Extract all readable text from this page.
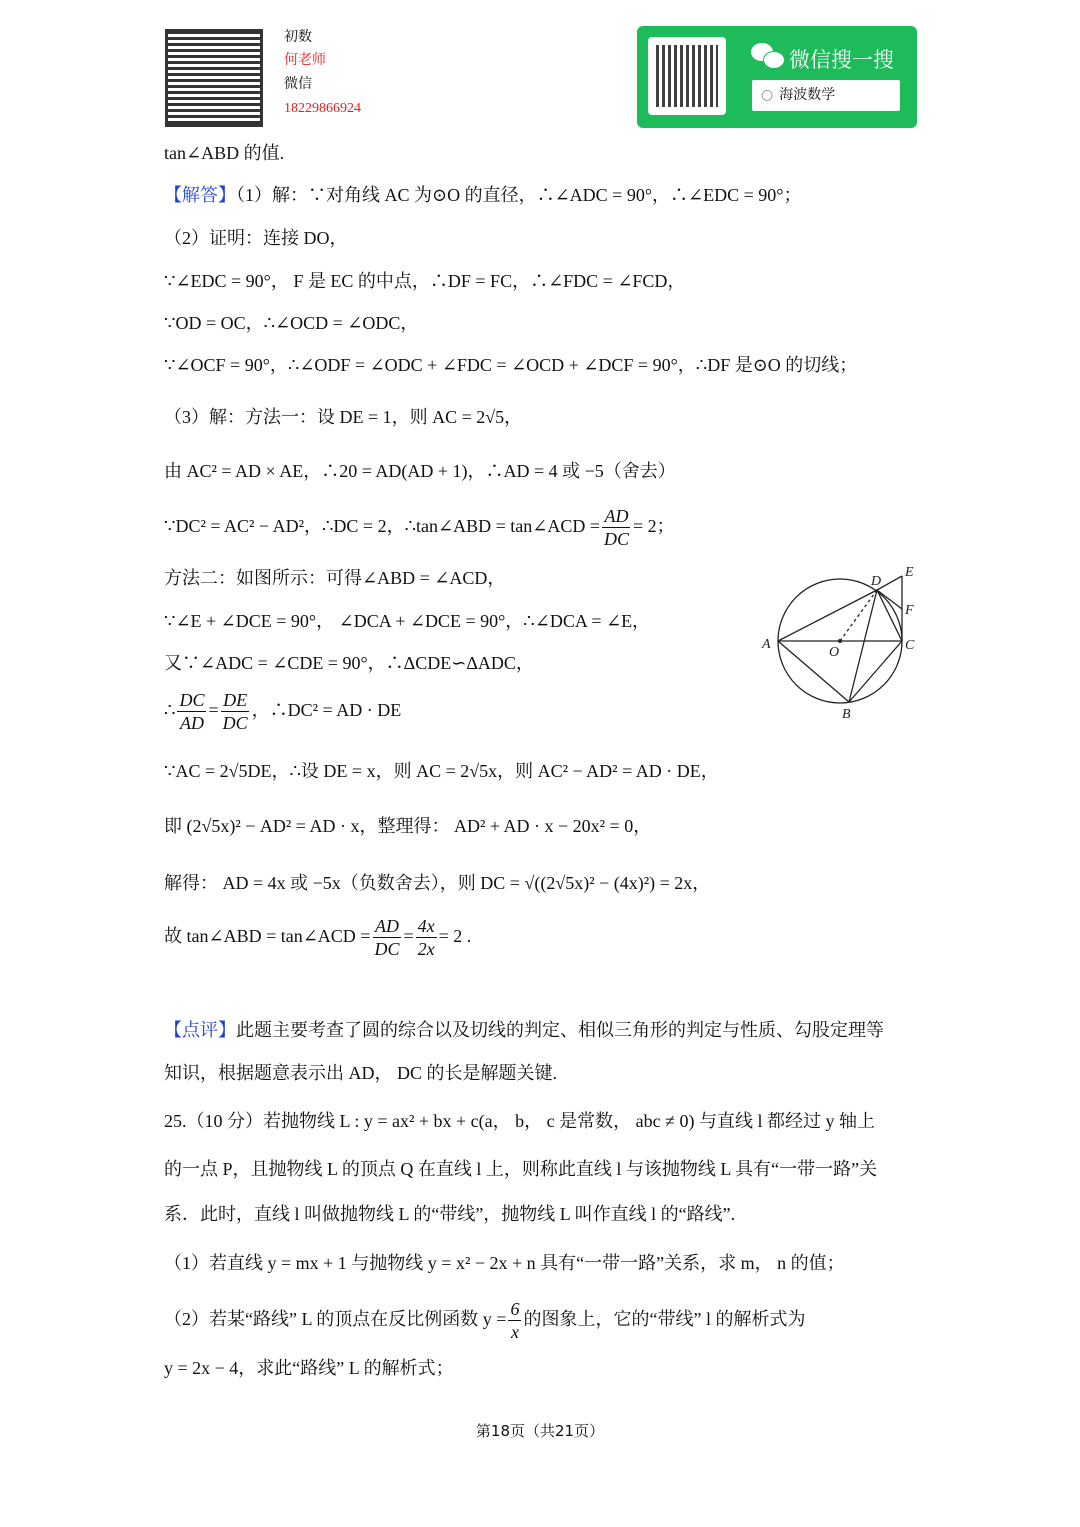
初数
何老师
微信
18229866924
微信搜一搜
○ 海波数学
tan∠ABD 的值.
【解答】（1）解：∵对角线 AC 为⊙O 的直径，∴∠ADC = 90°，∴∠EDC = 90°；
（2）证明：连接 DO，
∵∠EDC = 90°， F 是 EC 的中点，∴DF = FC，∴∠FDC = ∠FCD，
∵OD = OC，∴∠OCD = ∠ODC，
∵∠OCF = 90°，∴∠ODF = ∠ODC + ∠FDC = ∠OCD + ∠DCF = 90°，∴DF 是⊙O 的切线；
（3）解：方法一：设 DE = 1，则 AC = 2√5，
由 AC² = AD × AE，∴20 = AD(AD + 1)，∴AD = 4 或 −5（舍去）
∵DC² = AC² − AD²，∴DC = 2，∴tan∠ABD = tan∠ACD = $\frac{AD}{DC} = 2$；
方法二：如图所示：可得∠ABD = ∠ACD，
∵∠E + ∠DCE = 90°， ∠DCA + ∠DCE = 90°，∴∠DCA = ∠E，
又∵∠ADC = ∠CDE = 90°，∴ΔCDE∽ΔADC，
∴ $\frac{DC}{AD} = \frac{DE}{DC}$ ，∴DC² = AD · DE
∵AC = 2√5DE，∴设 DE = x，则 AC = 2√5x，则 AC² − AD² = AD · DE，
即 (2√5x)² − AD² = AD · x，整理得： AD² + AD · x − 20x² = 0，
解得： AD = 4x 或 −5x（负数舍去），则 DC = √((2√5x)² − (4x)²) = 2x，
故 tan∠ABD = tan∠ACD = $\frac{AD}{DC} = \frac{4x}{2x} = 2$ .
【点评】此题主要考查了圆的综合以及切线的判定、相似三角形的判定与性质、勾股定理等
知识，根据题意表示出 AD， DC 的长是解题关键.
25.（10 分）若抛物线 L : y = ax² + bx + c(a， b， c 是常数， abc ≠ 0) 与直线 l 都经过 y 轴上
的一点 P，且抛物线 L 的顶点 Q 在直线 l 上，则称此直线 l 与该抛物线 L 具有“一带一路”关
系．此时，直线 l 叫做抛物线 L 的“带线”，抛物线 L 叫作直线 l 的“路线”.
（1）若直线 y = mx + 1 与抛物线 y = x² − 2x + n 具有“一带一路”关系，求 m， n 的值；
（2）若某“路线” L 的顶点在反比例函数 $y = \frac{6}{x}$ 的图象上，它的“带线” l 的解析式为
y = 2x − 4，求此“路线” L 的解析式；
A
B
C
D
E
F
O
第18页（共21页）
